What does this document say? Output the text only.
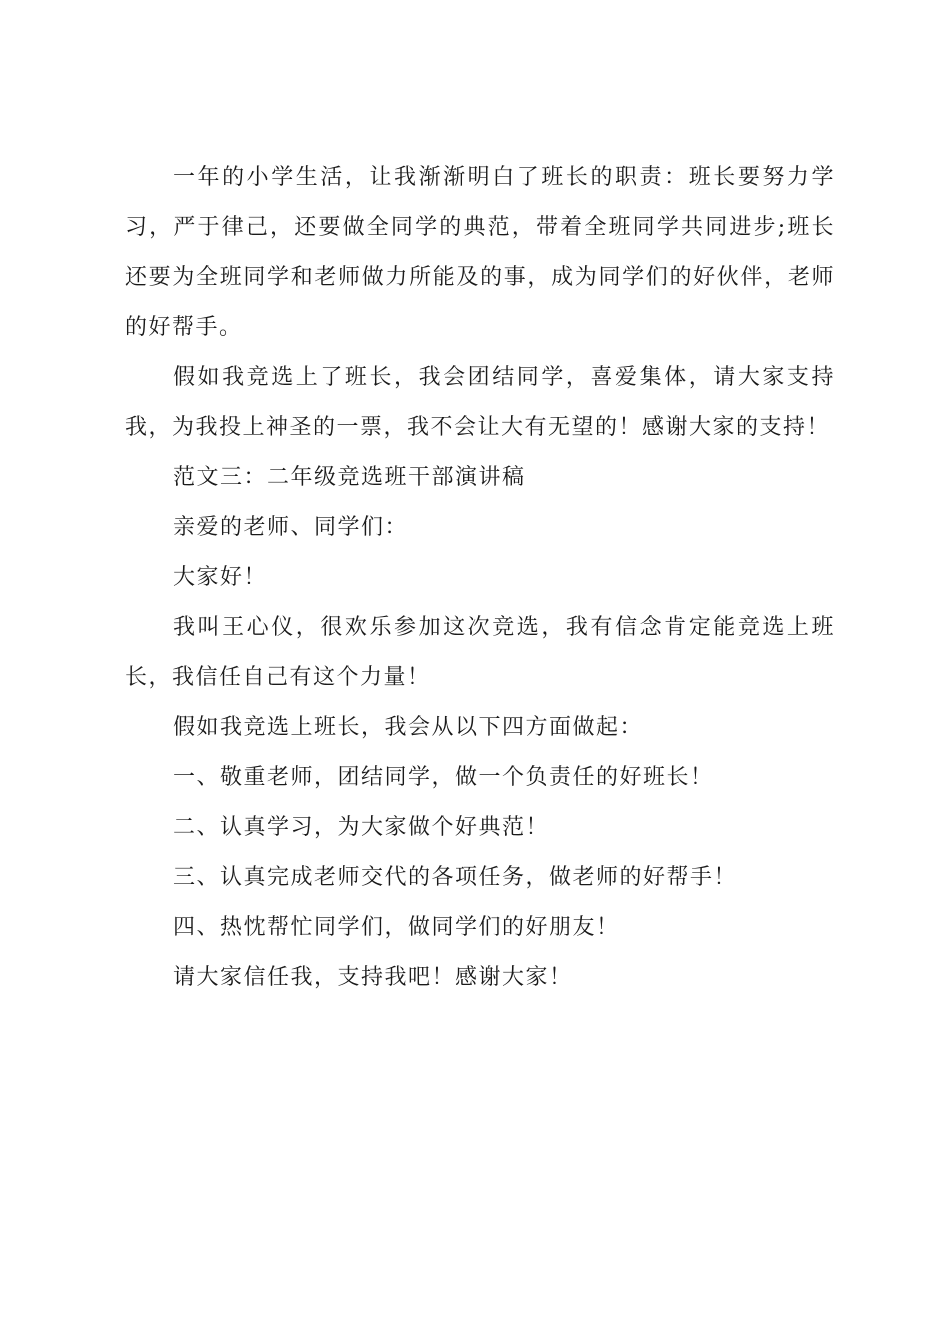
一年的小学生活，让我渐渐明白了班长的职责：班长要努力学习，严于律己，还要做全同学的典范，带着全班同学共同进步;班长还要为全班同学和老师做力所能及的事，成为同学们的好伙伴，老师的好帮手。

假如我竞选上了班长，我会团结同学，喜爱集体，请大家支持我，为我投上神圣的一票，我不会让大有无望的！感谢大家的支持！

范文三：二年级竞选班干部演讲稿

亲爱的老师、同学们：

大家好！

我叫王心仪，很欢乐参加这次竞选，我有信念肯定能竞选上班长，我信任自己有这个力量！

假如我竞选上班长，我会从以下四方面做起：

一、敬重老师，团结同学，做一个负责任的好班长！

二、认真学习，为大家做个好典范！

三、认真完成老师交代的各项任务，做老师的好帮手！

四、热忱帮忙同学们，做同学们的好朋友！

请大家信任我，支持我吧！感谢大家！
